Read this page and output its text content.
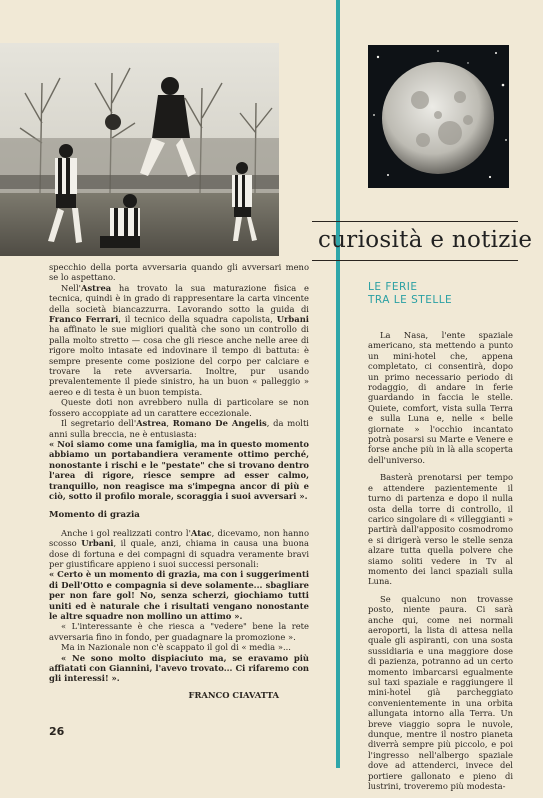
curiosità e notizie

specchio della porta avversaria quando gli avversari meno se lo aspettano.

Nell'Astrea ha trovato la sua maturazione fisica e tecnica, quindi è in grado di rappresentare la carta vincente della società biancazzurra. Lavorando sotto la guida di Franco Ferrari, il tecnico della squadra capolista, Urbani ha affinato le sue migliori qualità che sono un controllo di palla molto stretto — cosa che gli riesce anche nelle aree di rigore molto intasate ed indovinare il tempo di battuta: è sempre presente come posizione del corpo per calciare e trovare la rete avversaria. Inoltre, pur usando prevalentemente il piede sinistro, ha un buon « palleggio » aereo e di testa è un buon tempista.

Queste doti non avrebbero nulla di particolare se non fossero accoppiate ad un carattere eccezionale.

Il segretario dell'Astrea, Romano De Angelis, da molti anni sulla breccia, ne è entusiasta:

« Noi siamo come una famiglia, ma in questo momento abbiamo un portabandiera veramente ottimo perché, nonostante i rischi e le "pestate" che si trovano dentro l'area di rigore, riesce sempre ad esser calmo, tranquillo, non reagisce ma s'impegna ancor di più e ciò, sotto il profilo morale, scoraggia i suoi avversari ».

Momento di grazia

Anche i gol realizzati contro l'Atac, dicevamo, non hanno scosso Urbani, il quale, anzi, chiama in causa una buona dose di fortuna e dei compagni di squadra veramente bravi per giustificare appieno i suoi successi personali:

« Certo è un momento di grazia, ma con i suggerimenti di Dell'Otto e compagnia si deve solamente... sbagliare per non fare gol! No, senza scherzi, giochiamo tutti uniti ed è naturale che i risultati vengano nonostante le altre squadre non mollino un attimo ».

« L'interessante è che riesca a "vedere" bene la rete avversaria fino in fondo, per guadagnare la promozione ».

Ma in Nazionale non c'è scappato il gol di « media »...

« Ne sono molto dispiaciuto ma, se eravamo più affiatati con Giannini, l'avevo trovato... Ci rifaremo con gli interessi! ».

FRANCO CIAVATTA
26
LE FERIE
TRA LE STELLE

La Nasa, l'ente spaziale americano, sta mettendo a punto un mini-hotel che, appena completato, ci consentirà, dopo un primo necessario periodo di rodaggio, di andare in ferie guardando in faccia le stelle. Quiete, comfort, vista sulla Terra e sulla Luna e, nelle « belle giornate » l'occhio incantato potrà posarsi su Marte e Venere e forse anche più in là alla scoperta dell'universo.

Basterà prenotarsi per tempo e attendere pazientemente il turno di partenza e dopo il nulla osta della torre di controllo, il carico singolare di « villeggianti » partirà dall'apposito cosmodromo e si dirigerà verso le stelle senza alzare tutta quella polvere che siamo soliti vedere in Tv al momento dei lanci spaziali sulla Luna.

Se qualcuno non trovasse posto, niente paura. Ci sarà anche qui, come nei normali aeroporti, la lista di attesa nella quale gli aspiranti, con una sosta sussidiaria e una maggiore dose di pazienza, potranno ad un certo momento imbarcarsi egualmente sul taxi spaziale e raggiungere il mini-hotel già parcheggiato convenientemente in una orbita allungata intorno alla Terra. Un breve viaggio sopra le nuvole, dunque, mentre il nostro pianeta diverrà sempre più piccolo, e poi l'ingresso nell'albergo spaziale dove ad attenderci, invece del portiere gallonato e pieno di lustrini, troveremo più modesta-
